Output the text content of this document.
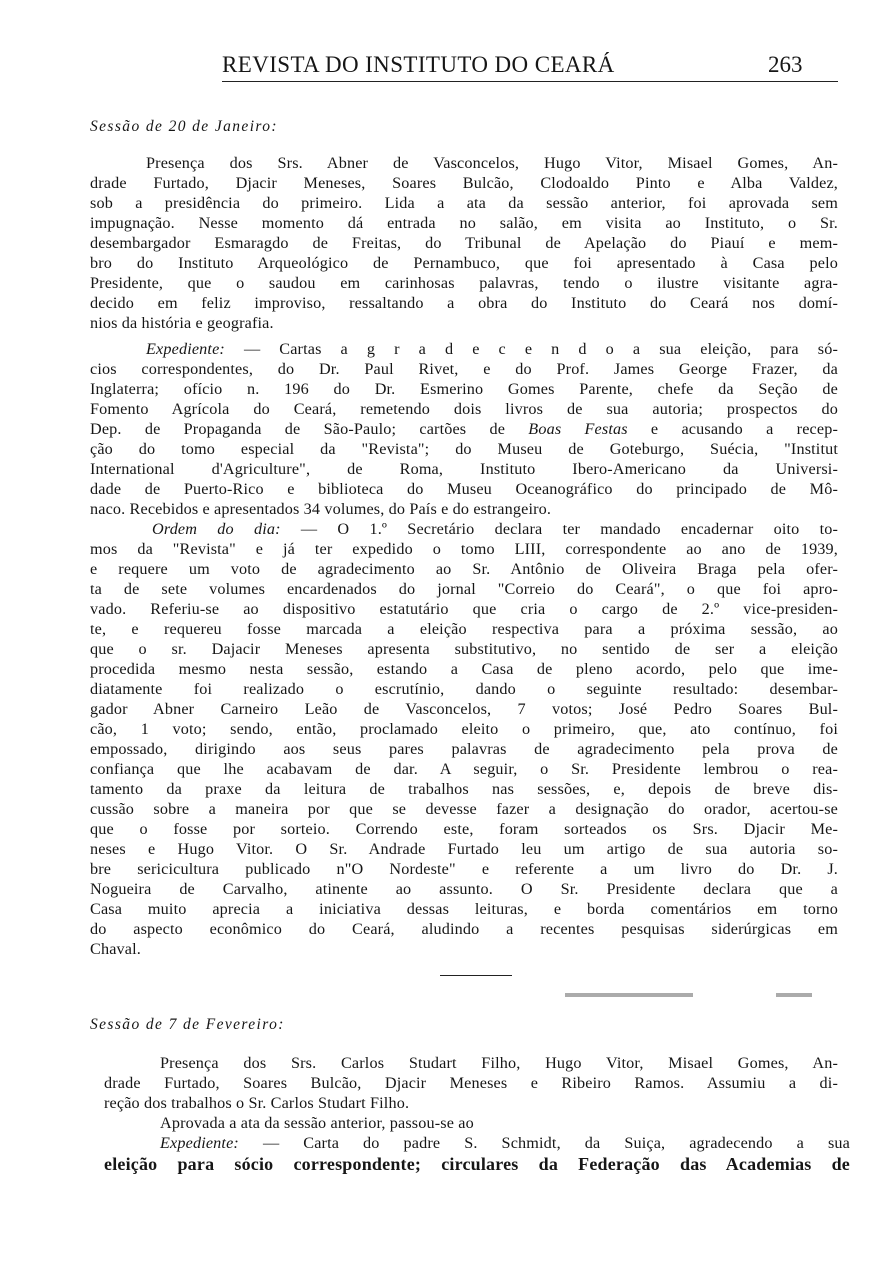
REVISTA DO INSTITUTO DO CEARÁ	263
Sessão de 20 de Janeiro:
Presença dos Srs. Abner de Vasconcelos, Hugo Vitor, Misael Gomes, An-
drade Furtado, Djacir Meneses, Soares Bulcão, Clodoaldo Pinto e Alba Valdez,
sob a presidência do primeiro. Lida a ata da sessão anterior, foi aprovada sem
impugnação. Nesse momento dá entrada no salão, em visita ao Instituto, o Sr.
desembargador Esmaragdo de Freitas, do Tribunal de Apelação do Piauí e mem-
bro do Instituto Arqueológico de Pernambuco, que foi apresentado à Casa pelo
Presidente, que o saudou em carinhosas palavras, tendo o ilustre visitante agra-
decido em feliz improviso, ressaltando a obra do Instituto do Ceará nos domí-
nios da história e geografia.
Expediente: — Cartas a g r a d e c e n d o a sua eleição, para só-
cios correspondentes, do Dr. Paul Rivet, e do Prof. James George Frazer, da
Inglaterra; ofício n. 196 do Dr. Esmerino Gomes Parente, chefe da Seção de
Fomento Agrícola do Ceará, remetendo dois livros de sua autoria; prospectos do
Dep. de Propaganda de São-Paulo; cartões de Boas Festas e acusando a recep-
ção do tomo especial da "Revista"; do Museu de Goteburgo, Suécia, "Institut
International d'Agriculture", de Roma, Instituto Ibero-Americano da Universi-
dade de Puerto-Rico e biblioteca do Museu Oceanográfico do principado de Mô-
naco. Recebidos e apresentados 34 volumes, do País e do estrangeiro.
Ordem do dia: — O 1.º Secretário declara ter mandado encadernar oito to-
mos da "Revista" e já ter expedido o tomo LIII, correspondente ao ano de 1939,
e requere um voto de agradecimento ao Sr. Antônio de Oliveira Braga pela ofer-
ta de sete volumes encardenados do jornal "Correio do Ceará", o que foi apro-
vado. Referiu-se ao dispositivo estatutário que cria o cargo de 2.º vice-presiden-
te, e requereu fosse marcada a eleição respectiva para a próxima sessão, ao
que o sr. Dajacir Meneses apresenta substitutivo, no sentido de ser a eleição
procedida mesmo nesta sessão, estando a Casa de pleno acordo, pelo que ime-
diatamente foi realizado o escrutínio, dando o seguinte resultado: desembar-
gador Abner Carneiro Leão de Vasconcelos, 7 votos; José Pedro Soares Bul-
cão, 1 voto; sendo, então, proclamado eleito o primeiro, que, ato contínuo, foi
empossado, dirigindo aos seus pares palavras de agradecimento pela prova de
confiança que lhe acabavam de dar. A seguir, o Sr. Presidente lembrou o rea-
tamento da praxe da leitura de trabalhos nas sessões, e, depois de breve dis-
cussão sobre a maneira por que se devesse fazer a designação do orador, acertou-se
que o fosse por sorteio. Correndo este, foram sorteados os Srs. Djacir Me-
neses e Hugo Vitor. O Sr. Andrade Furtado leu um artigo de sua autoria so-
bre sericicultura publicado n"O Nordeste" e referente a um livro do Dr. J.
Nogueira de Carvalho, atinente ao assunto. O Sr. Presidente declara que a
Casa muito aprecia a iniciativa dessas leituras, e borda comentários em torno
do aspecto econômico do Ceará, aludindo a recentes pesquisas siderúrgicas em
Chaval.
Sessão de 7 de Fevereiro:
Presença dos Srs. Carlos Studart Filho, Hugo Vitor, Misael Gomes, An-
drade Furtado, Soares Bulcão, Djacir Meneses e Ribeiro Ramos. Assumiu a di-
reção dos trabalhos o Sr. Carlos Studart Filho.
Aprovada a ata da sessão anterior, passou-se ao
Expediente: — Carta do padre S. Schmidt, da Suiça, agradecendo a sua
eleição para sócio correspondente; circulares da Federação das Academias de
